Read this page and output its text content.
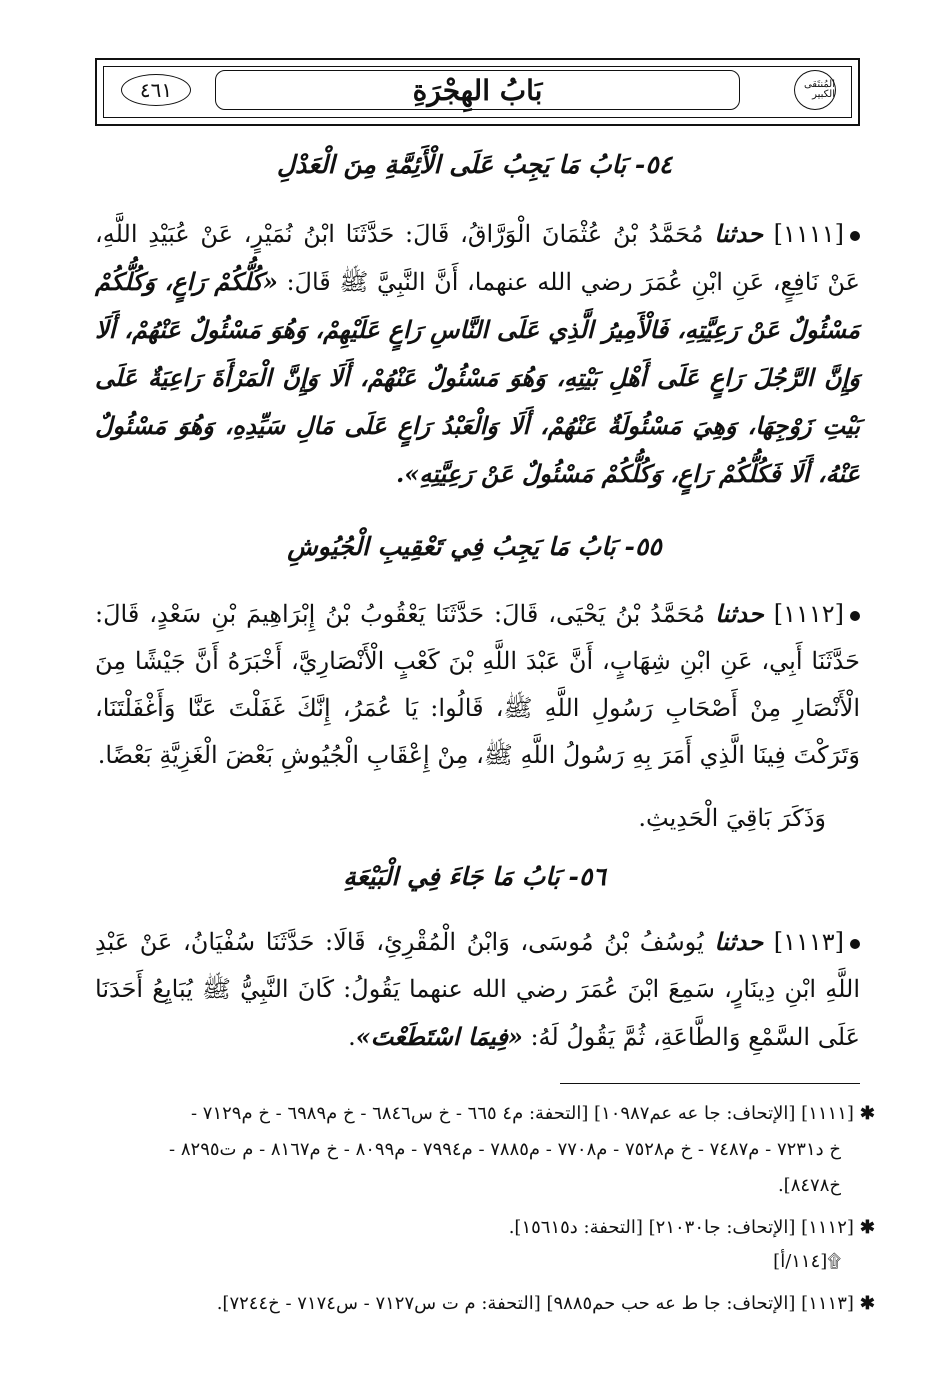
المُنتَقى الكبير
بَابُ الهِجْرَةِ
٤٦١
٥٤- بَابُ مَا يَجِبُ عَلَى الْأَئِمَّةِ مِنَ الْعَدْلِ
[١١١١] حدثنا مُحَمَّدُ بْنُ عُثْمَانَ الْوَرَّاقُ، قَالَ: حَدَّثَنَا ابْنُ نُمَيْرٍ، عَنْ عُبَيْدِ اللَّهِ، عَنْ نَافِعٍ، عَنِ ابْنِ عُمَرَ رضي الله عنهما، أَنَّ النَّبِيَّ ﷺ قَالَ: «كُلُّكُمْ رَاعٍ، وَكُلُّكُمْ مَسْئُولٌ عَنْ رَعِيَّتِهِ، فَالْأَمِيرُ الَّذِي عَلَى النَّاسِ رَاعٍ عَلَيْهِمْ، وَهُوَ مَسْئُولٌ عَنْهُمْ، أَلَا وَإِنَّ الرَّجُلَ رَاعٍ عَلَى أَهْلِ بَيْتِهِ، وَهُوَ مَسْئُولٌ عَنْهُمْ، أَلَا وَإِنَّ الْمَرْأَةَ رَاعِيَةٌ عَلَى بَيْتِ زَوْجِهَا، وَهِيَ مَسْئُولَةٌ عَنْهُمْ، أَلَا وَالْعَبْدُ رَاعٍ عَلَى مَالِ سَيِّدِهِ، وَهُوَ مَسْئُولٌ عَنْهُ، أَلَا فَكُلُّكُمْ رَاعٍ، وَكُلُّكُمْ مَسْئُولٌ عَنْ رَعِيَّتِهِ».
٥٥- بَابُ مَا يَجِبُ فِي تَعْقِيبِ الْجُيُوشِ
[١١١٢] حدثنا مُحَمَّدُ بْنُ يَحْيَى، قَالَ: حَدَّثَنَا يَعْقُوبُ بْنُ إِبْرَاهِيمَ بْنِ سَعْدٍ، قَالَ: حَدَّثَنَا أَبِي، عَنِ ابْنِ شِهَابٍ، أَنَّ عَبْدَ اللَّهِ بْنَ كَعْبٍ الْأَنْصَارِيَّ، أَخْبَرَهُ أَنَّ جَيْشًا مِنَ الْأَنْصَارِ مِنْ أَصْحَابِ رَسُولِ اللَّهِ ﷺ، قَالُوا: يَا عُمَرُ، إِنَّكَ غَفَلْتَ عَنَّا وَأَغْفَلْتَنَا، وَتَرَكْتَ فِينَا الَّذِي أَمَرَ بِهِ رَسُولُ اللَّهِ ﷺ، مِنْ إِعْقَابِ الْجُيُوشِ بَعْضَ الْغَزِيَّةِ بَعْضًا.
وَذَكَرَ بَاقِيَ الْحَدِيثِ.
٥٦- بَابُ مَا جَاءَ فِي الْبَيْعَةِ
[١١١٣] حدثنا يُوسُفُ بْنُ مُوسَى، وَابْنُ الْمُقْرِئِ، قَالَا: حَدَّثَنَا سُفْيَانُ، عَنْ عَبْدِ اللَّهِ ابْنِ دِينَارٍ، سَمِعَ ابْنَ عُمَرَ رضي الله عنهما يَقُولُ: كَانَ النَّبِيُّ ﷺ يُبَايِعُ أَحَدَنَا عَلَى السَّمْعِ وَالطَّاعَةِ، ثُمَّ يَقُولُ لَهُ: «فِيمَا اسْتَطَعْتَ».
✱[١١١١] [الإتحاف: جا عه عم١٠٩٨٧] [التحفة: م٤ ٦٦٥ - خ س٦٨٤٦ - خ م٦٩٨٩ - خ م٧١٢٩ -
خ د٧٢٣١ - م٧٤٨٧ - خ م٧٥٢٨ - م٧٧٠٨ - م٧٨٨٥ - م٧٩٩٤ - م٨٠٩٩ - خ م٨١٦٧ - م ت٨٢٩٥ -
خ٨٤٧٨].
✱[١١١٢] [الإتحاف: جا٢١٠٣٠] [التحفة: د١٥٦١٥].
۩[١١٤/أ]
✱[١١١٣] [الإتحاف: جا ط عه حب حم٩٨٨٥] [التحفة: م ت س٧١٢٧ - س٧١٧٤ - خ٧٢٤٤].
